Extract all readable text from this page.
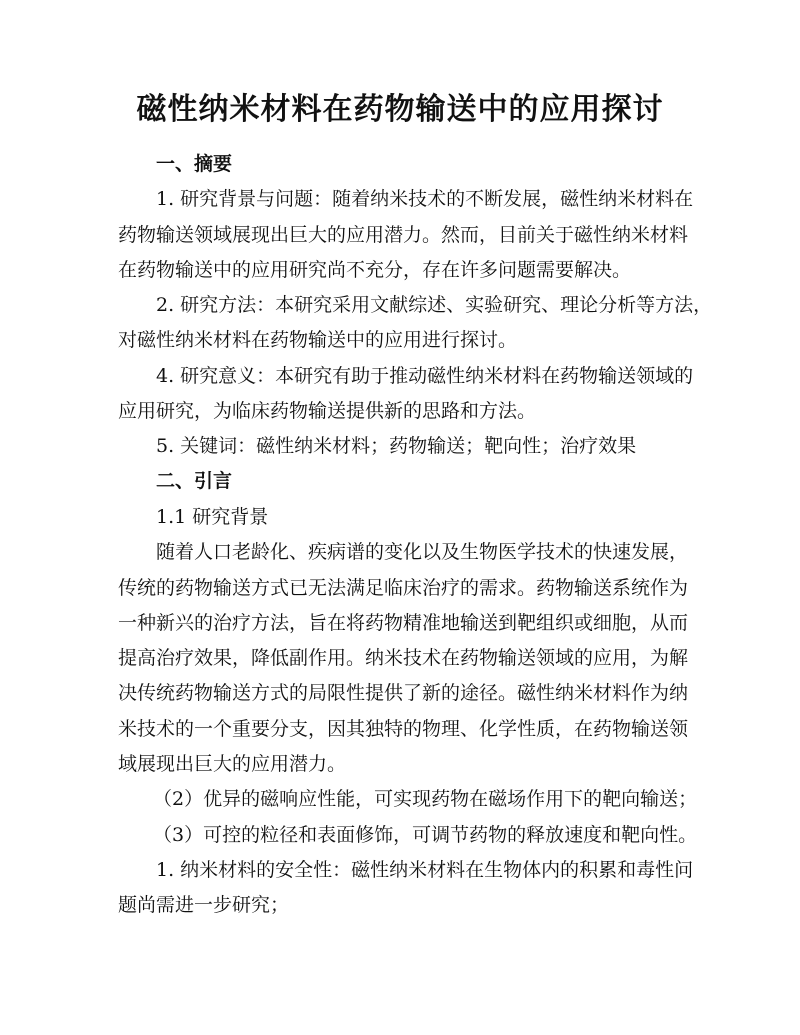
磁性纳米材料在药物输送中的应用探讨
一、摘要
1. 研究背景与问题：随着纳米技术的不断发展，磁性纳米材料在
药物输送领域展现出巨大的应用潜力。然而，目前关于磁性纳米材料
在药物输送中的应用研究尚不充分，存在许多问题需要解决。
2. 研究方法：本研究采用文献综述、实验研究、理论分析等方法，
对磁性纳米材料在药物输送中的应用进行探讨。
4. 研究意义：本研究有助于推动磁性纳米材料在药物输送领域的
应用研究，为临床药物输送提供新的思路和方法。
5. 关键词：磁性纳米材料；药物输送；靶向性；治疗效果
二、引言
1.1 研究背景
随着人口老龄化、疾病谱的变化以及生物医学技术的快速发展，
传统的药物输送方式已无法满足临床治疗的需求。药物输送系统作为
一种新兴的治疗方法，旨在将药物精准地输送到靶组织或细胞，从而
提高治疗效果，降低副作用。纳米技术在药物输送领域的应用，为解
决传统药物输送方式的局限性提供了新的途径。磁性纳米材料作为纳
米技术的一个重要分支，因其独特的物理、化学性质，在药物输送领
域展现出巨大的应用潜力。
（2）优异的磁响应性能，可实现药物在磁场作用下的靶向输送；
（3）可控的粒径和表面修饰，可调节药物的释放速度和靶向性。
1. 纳米材料的安全性：磁性纳米材料在生物体内的积累和毒性问
题尚需进一步研究；
